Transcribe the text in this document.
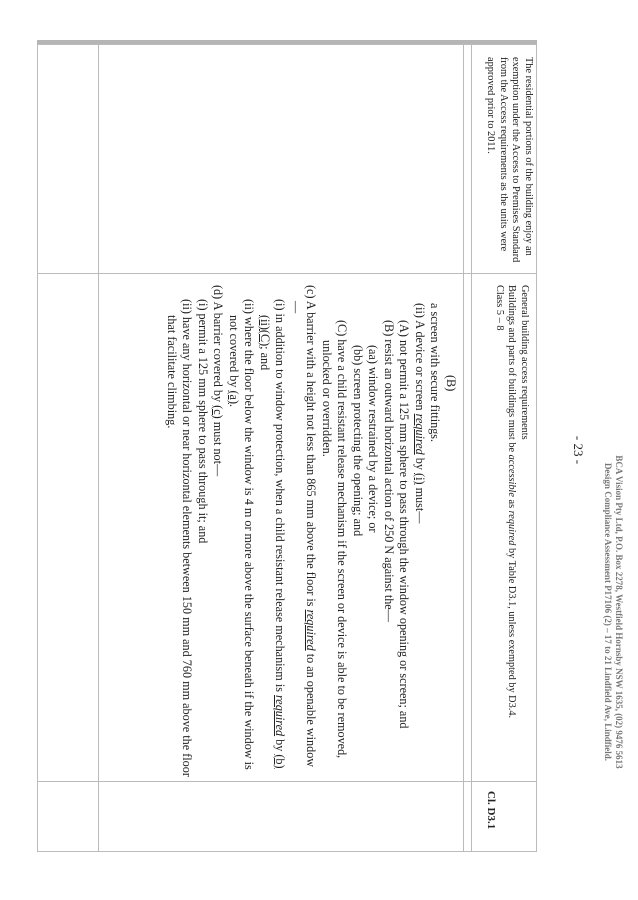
- 23 -
BCA Vision Pty Ltd, P.O. Box 2278, Westfield Hornsby NSW 1635, (02) 9476 5613
Design Compliance Assessment P17106 (2) – 17 to 21 Lindfield Ave, Lindfield.

(B)

a screen with secure fittings.

(ii) A device or screen required by (i) must—

(A) not permit a 125 mm sphere to pass through the window opening or screen; and

(B) resist an outward horizontal action of 250 N against the—

(aa) window restrained by a device; or

(bb) screen protecting the opening; and

(C) have a child resistant release mechanism if the screen or device is able to be removed, unlocked or overridden.

(c) A barrier with a height not less than 865 mm above the floor is required to an openable window—

(i) in addition to window protection, when a child resistant release mechanism is required by (b)(ii)(C); and

(ii) where the floor below the window is 4 m or more above the surface beneath if the window is not covered by (a).

(d) A barrier covered by (c) must not—

(i) permit a 125 mm sphere to pass through it; and

(ii) have any horizontal or near horizontal elements between 150 mm and 760 mm above the floor that facilitate climbing.

Cl. D3.1
General building access requirements
Buildings and parts of buildings must be accessible as required by Table D3.1, unless exempted by D3.4.
Class 5 – 8
The residential portions of the building enjoy an exemption under the Access to Premises Standard from the Access requirements as the units were approved prior to 2011.
